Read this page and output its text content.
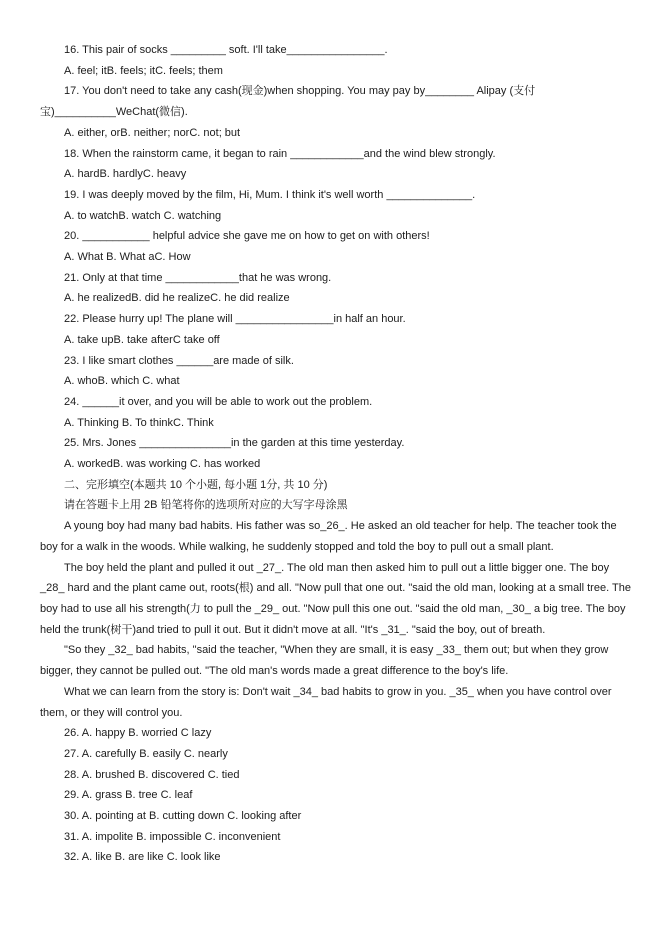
16. This pair of socks _________ soft. I'll take________________.
A. feel; itB. feels; itC. feels; them
17. You don't need to take any cash(现金)when shopping. You may pay by________ Alipay (支付宝)__________WeChat(微信).
A. either, orB. neither; norC. not; but
18. When the rainstorm came, it began to rain ____________and the wind blew strongly.
A. hardB. hardlyC. heavy
19. I was deeply moved by the film, Hi, Mum. I think it's well worth ______________.
A. to watchB. watch C. watching
20. ___________ helpful advice she gave me on how to get on with others!
A. What B. What aC. How
21. Only at that time ____________that he was wrong.
A. he realizedB. did he realizeC. he did realize
22. Please hurry up! The plane will ________________in half an hour.
A. take upB. take afterC take off
23. I like smart clothes ______are made of silk.
A. whoB. which C. what
24. ______it over, and you will be able to work out the problem.
A. Thinking B. To thinkC. Think
25. Mrs. Jones _______________in the garden at this time yesterday.
A. workedB. was working C. has worked
二、完形填空(本题共 10 个小题, 每小题 1分, 共 10 分)
请在答题卡上用 2B 铅笔将你的选项所对应的大写字母涂黑
A young boy had many bad habits. His father was so_26_. He asked an old teacher for help. The teacher took the boy for a walk in the woods. While walking, he suddenly stopped and told the boy to pull out a small plant.
The boy held the plant and pulled it out _27_. The old man then asked him to pull out a little bigger one. The boy _28_ hard and the plant came out, roots(根) and all. "Now pull that one out. "said the old man, looking at a small tree. The boy had to use all his strength(力 to pull the _29_ out. "Now pull this one out. "said the old man, _30_ a big tree. The boy held the trunk(树干)and tried to pull it out. But it didn't move at all. "It's _31_. "said the boy, out of breath.
"So they _32_ bad habits, "said the teacher, "When they are small, it is easy _33_ them out; but when they grow bigger, they cannot be pulled out. "The old man's words made a great difference to the boy's life.
What we can learn from the story is: Don't wait _34_ bad habits to grow in you. _35_ when you have control over them, or they will control you.
26. A. happy B. worried C lazy
27. A. carefully B. easily C. nearly
28. A. brushed B. discovered C. tied
29. A. grass B. tree C. leaf
30. A. pointing at B. cutting down C. looking after
31. A. impolite B. impossible C. inconvenient
32. A. like B. are like C. look like
